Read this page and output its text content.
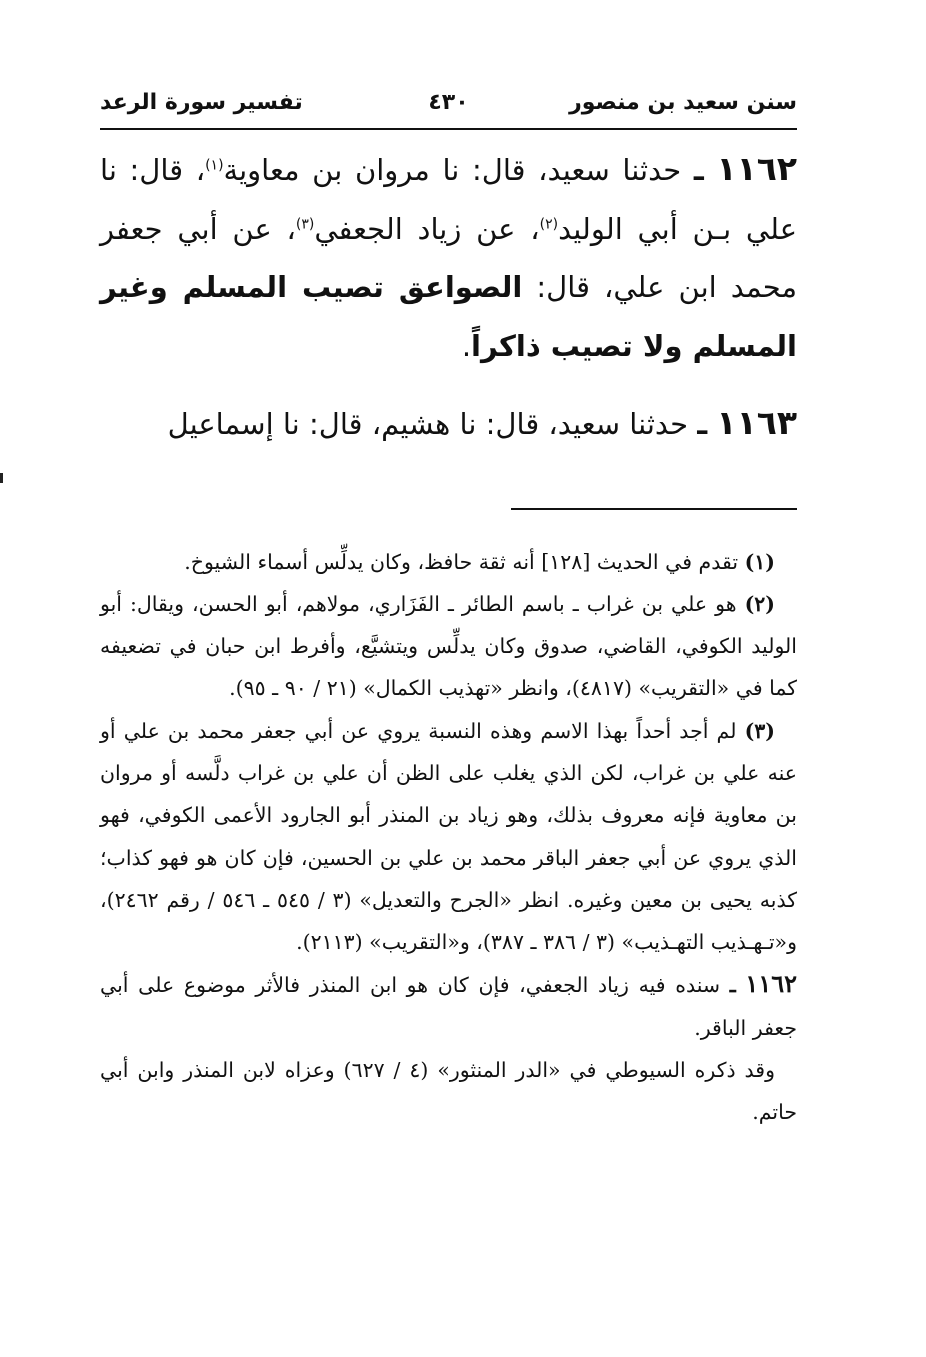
سنن سعيد بن منصور
٤٣٠
تفسير سورة الرعد

١١٦٢ ـ حدثنا سعيد، قال: نا مروان بن معاوية$^{(١)}$، قال: نا علي بـن أبي الوليد$^{(٢)}$، عن زياد الجعفي$^{(٣)}$، عن أبي جعفر محمد ابن علي، قال: الصواعق تصيب المسلم وغير المسلم ولا تصيب ذاكراً.

١١٦٣ ـ حدثنا سعيد، قال: نا هشيم، قال: نا إسماعيل

(١) تقدم في الحديث [١٢٨] أنه ثقة حافظ، وكان يدلِّس أسماء الشيوخ.

(٢) هو علي بن غراب ـ باسم الطائر ـ الفَزَاري، مولاهم، أبو الحسن، ويقال: أبو الوليد الكوفي، القاضي، صدوق وكان يدلِّس ويتشيَّع، وأفرط ابن حبان في تضعيفه كما في «التقريب» (٤٨١٧)، وانظر «تهذيب الكمال» (٢١ / ٩٠ ـ ٩٥).

(٣) لم أجد أحداً بهذا الاسم وهذه النسبة يروي عن أبي جعفر محمد بن علي أو عنه علي بن غراب، لكن الذي يغلب على الظن أن علي بن غراب دلَّسه أو مروان بن معاوية فإنه معروف بذلك، وهو زياد بن المنذر أبو الجارود الأعمى الكوفي، فهو الذي يروي عن أبي جعفر الباقر محمد بن علي بن الحسين، فإن كان هو فهو كذاب؛ كذبه يحيى بن معين وغيره. انظر «الجرح والتعديل» (٣ / ٥٤٥ ـ ٥٤٦ / رقم ٢٤٦٢)، و«تـهـذيب التهـذيب» (٣ / ٣٨٦ ـ ٣٨٧)، و«التقريب» (٢١١٣).

١١٦٢ ـ سنده فيه زياد الجعفي، فإن كان هو ابن المنذر فالأثر موضوع على أبي جعفر الباقر.

وقد ذكره السيوطي في «الدر المنثور» (٤ / ٦٢٧) وعزاه لابن المنذر وابن أبي حاتم.
